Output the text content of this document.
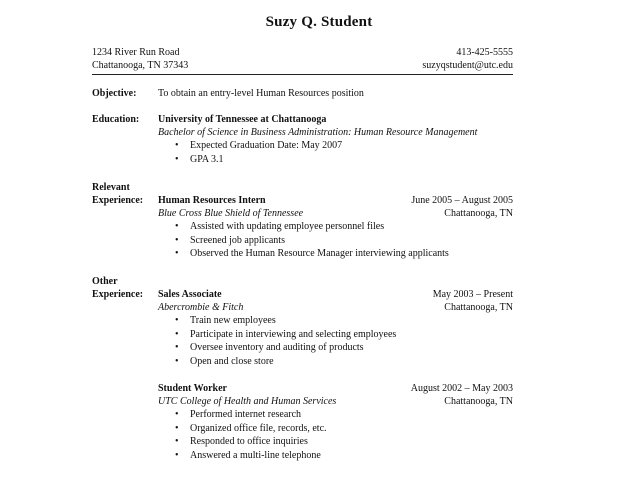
Suzy Q. Student
1234 River Run Road	413-425-5555
Chattanooga, TN 37343	suzyqstudent@utc.edu
Objective:	To obtain an entry-level Human Resources position
Education:	University of Tennessee at Chattanooga
Bachelor of Science in Business Administration: Human Resource Management
• Expected Graduation Date: May 2007
• GPA 3.1
Relevant
Experience:	Human Resources Intern	June 2005 – August 2005
Blue Cross Blue Shield of Tennessee	Chattanooga, TN
• Assisted with updating employee personnel files
• Screened job applicants
• Observed the Human Resource Manager interviewing applicants
Other
Experience:	Sales Associate	May 2003 – Present
Abercrombie & Fitch	Chattanooga, TN
• Train new employees
• Participate in interviewing and selecting employees
• Oversee inventory and auditing of products
• Open and close store
Student Worker	August 2002 – May 2003
UTC College of Health and Human Services	Chattanooga, TN
• Performed internet research
• Organized office file, records, etc.
• Responded to office inquiries
• Answered a multi-line telephone
